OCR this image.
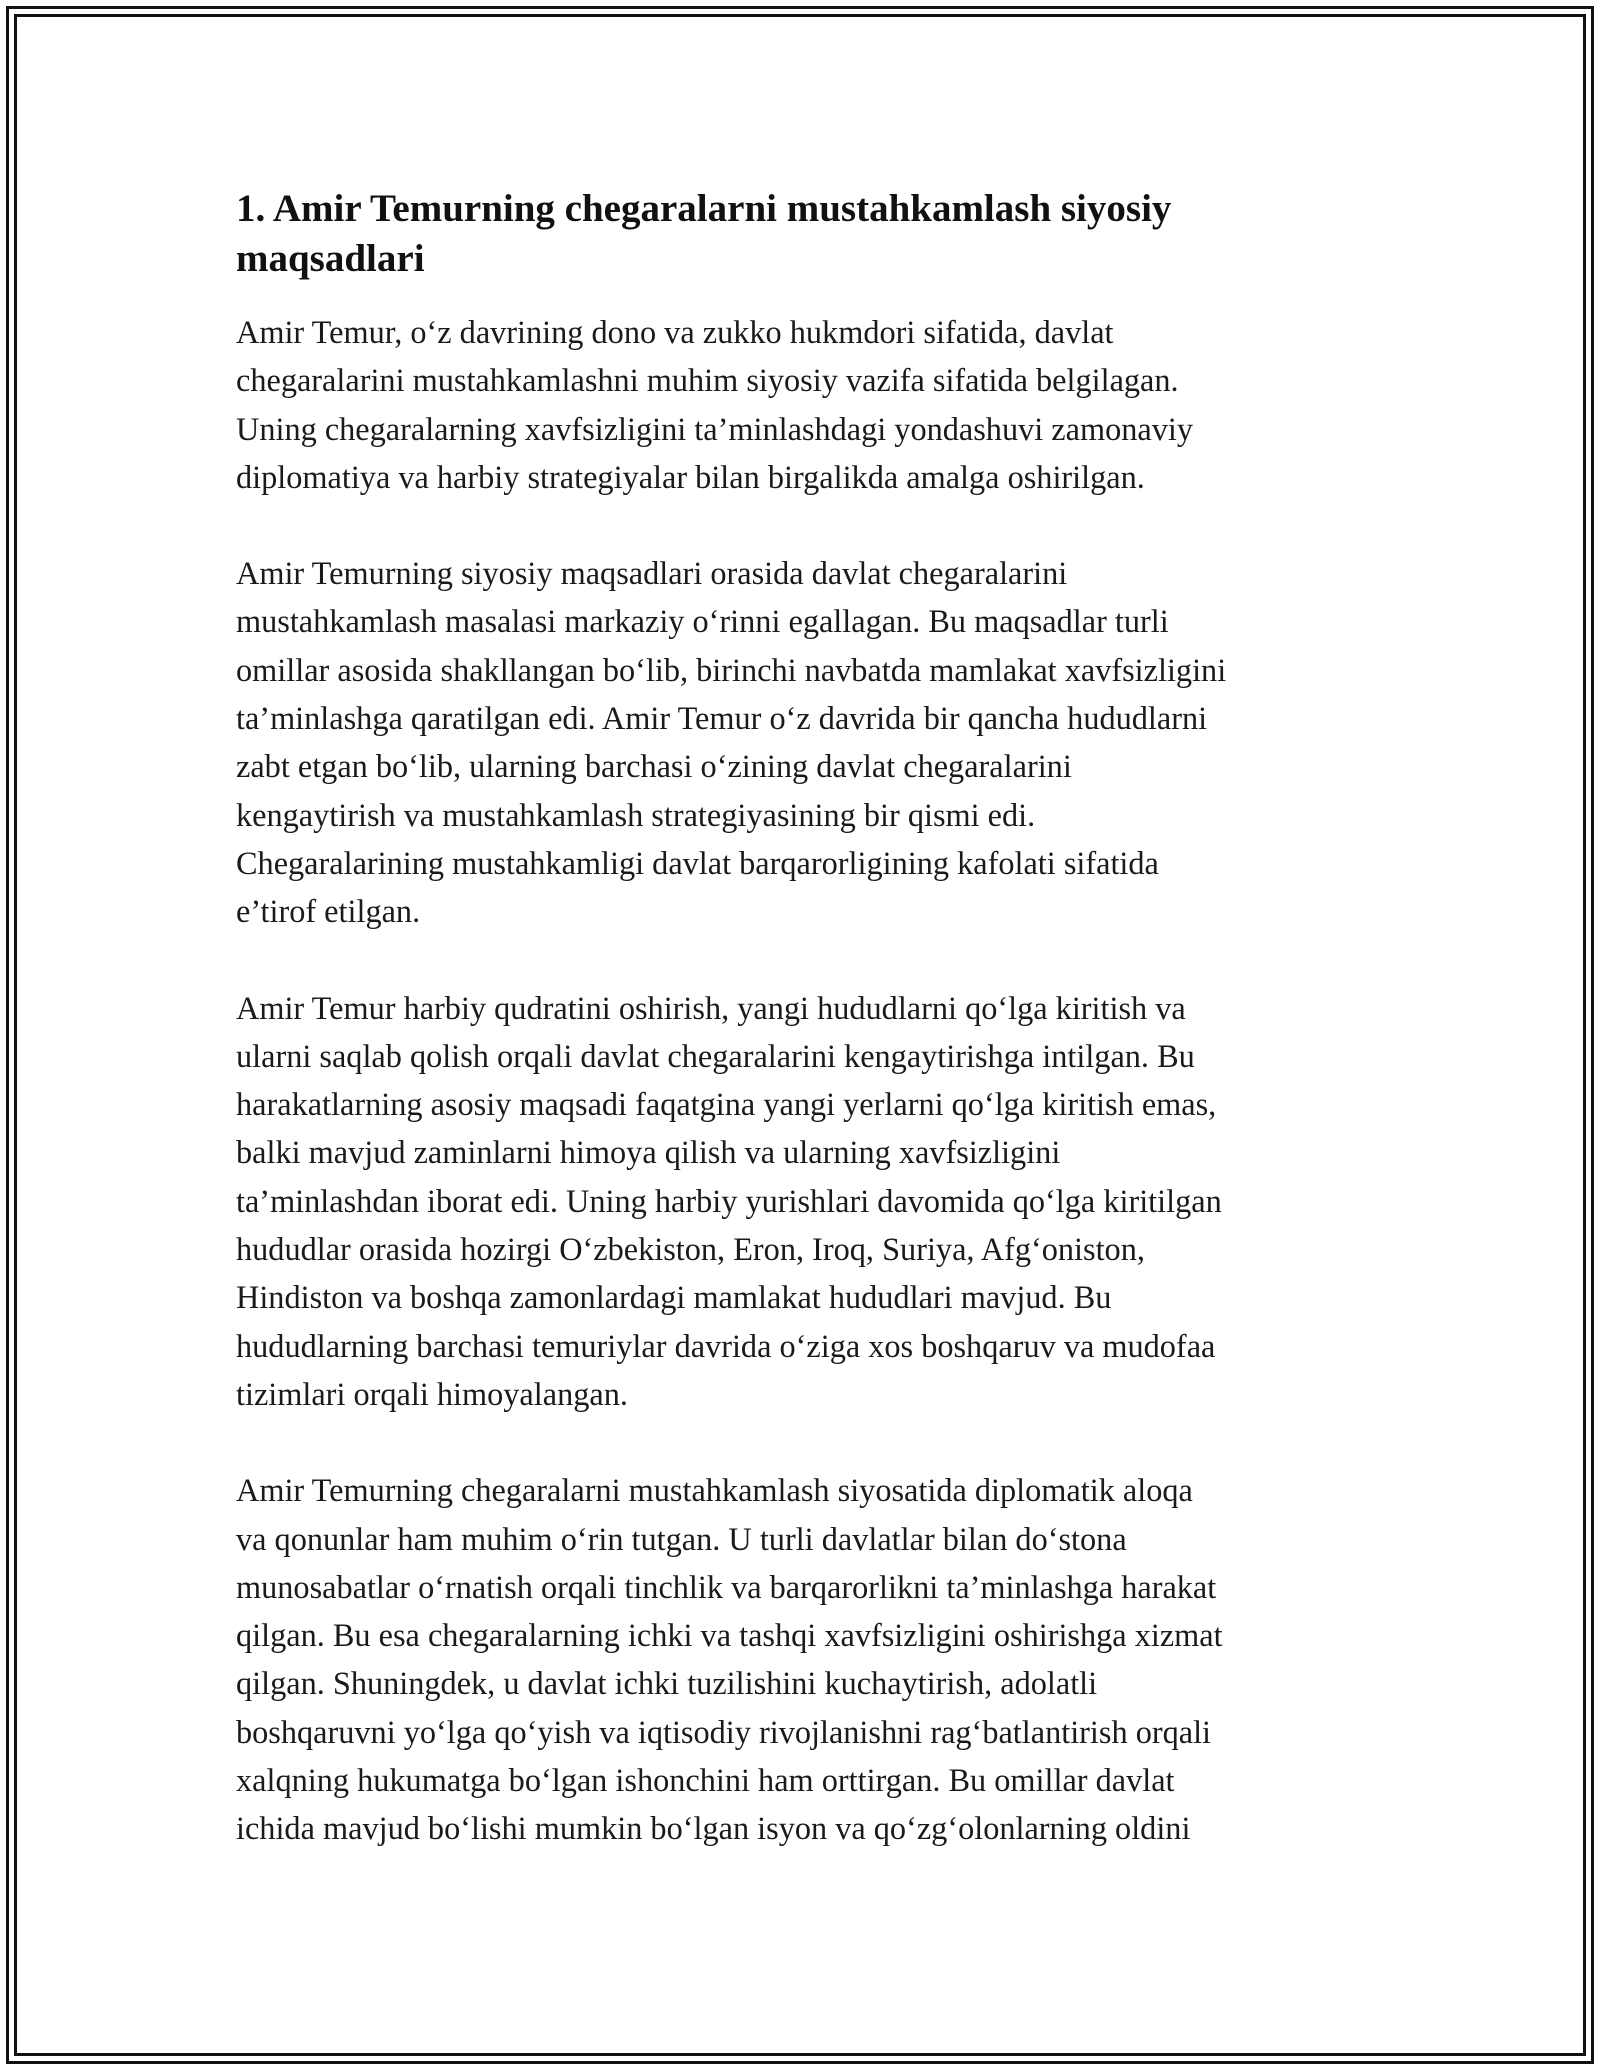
1. Amir Temurning chegaralarni mustahkamlash siyosiy
maqsadlari

Amir Temur, o‘z davrining dono va zukko hukmdori sifatida, davlat
chegaralarini mustahkamlashni muhim siyosiy vazifa sifatida belgilagan.
Uning chegaralarning xavfsizligini ta’minlashdagi yondashuvi zamonaviy
diplomatiya va harbiy strategiyalar bilan birgalikda amalga oshirilgan.

Amir Temurning siyosiy maqsadlari orasida davlat chegaralarini
mustahkamlash masalasi markaziy o‘rinni egallagan. Bu maqsadlar turli
omillar asosida shakllangan bo‘lib, birinchi navbatda mamlakat xavfsizligini
ta’minlashga qaratilgan edi. Amir Temur o‘z davrida bir qancha hududlarni
zabt etgan bo‘lib, ularning barchasi o‘zining davlat chegaralarini
kengaytirish va mustahkamlash strategiyasining bir qismi edi.
Chegaralarining mustahkamligi davlat barqarorligining kafolati sifatida
e’tirof etilgan.

Amir Temur harbiy qudratini oshirish, yangi hududlarni qo‘lga kiritish va
ularni saqlab qolish orqali davlat chegaralarini kengaytirishga intilgan. Bu
harakatlarning asosiy maqsadi faqatgina yangi yerlarni qo‘lga kiritish emas,
balki mavjud zaminlarni himoya qilish va ularning xavfsizligini
ta’minlashdan iborat edi. Uning harbiy yurishlari davomida qo‘lga kiritilgan
hududlar orasida hozirgi O‘zbekiston, Eron, Iroq, Suriya, Afg‘oniston,
Hindiston va boshqa zamonlardagi mamlakat hududlari mavjud. Bu
hududlarning barchasi temuriylar davrida o‘ziga xos boshqaruv va mudofaa
tizimlari orqali himoyalangan.

Amir Temurning chegaralarni mustahkamlash siyosatida diplomatik aloqa
va qonunlar ham muhim o‘rin tutgan. U turli davlatlar bilan do‘stona
munosabatlar o‘rnatish orqali tinchlik va barqarorlikni ta’minlashga harakat
qilgan. Bu esa chegaralarning ichki va tashqi xavfsizligini oshirishga xizmat
qilgan. Shuningdek, u davlat ichki tuzilishini kuchaytirish, adolatli
boshqaruvni yo‘lga qo‘yish va iqtisodiy rivojlanishni rag‘batlantirish orqali
xalqning hukumatga bo‘lgan ishonchini ham orttirgan. Bu omillar davlat
ichida mavjud bo‘lishi mumkin bo‘lgan isyon va qo‘zg‘olonlarning oldini
